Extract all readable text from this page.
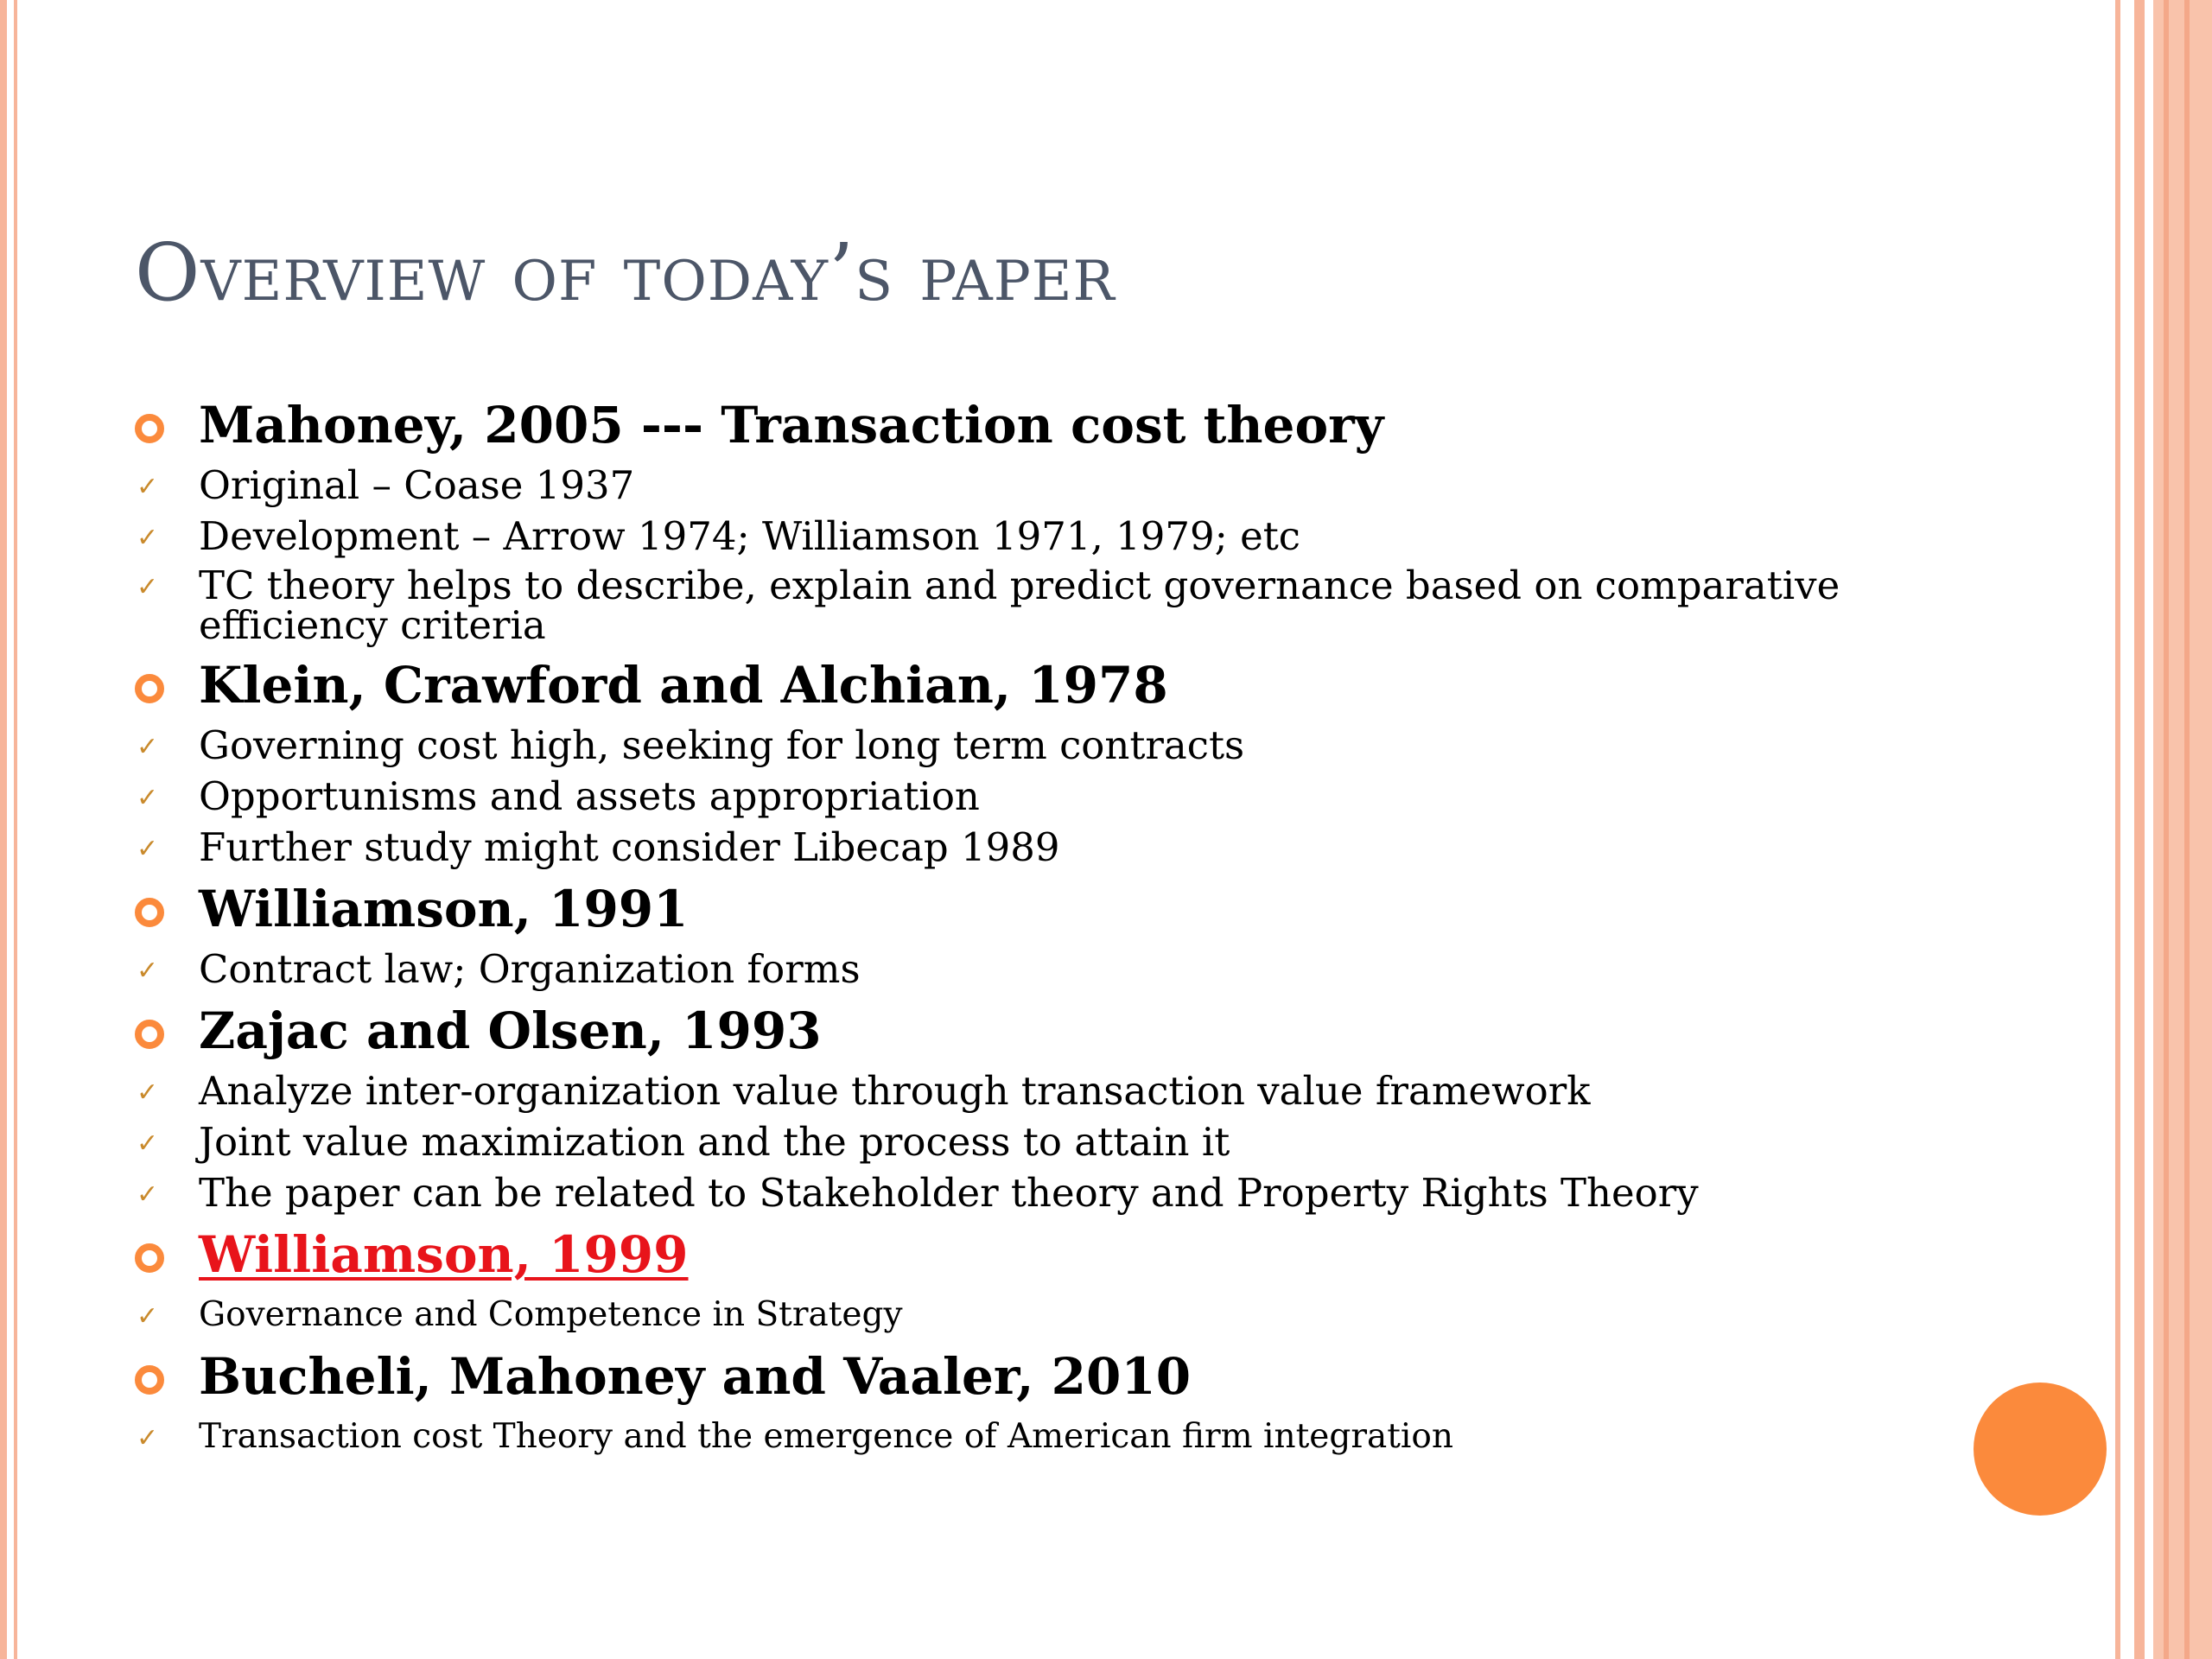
Overview of today’s paper
Mahoney, 2005 --- Transaction cost theory
✓ Original – Coase 1937
✓ Development – Arrow 1974; Williamson 1971, 1979; etc
✓ TC theory helps to describe, explain and predict governance based on comparative efficiency criteria
Klein, Crawford and Alchian, 1978
✓ Governing cost high, seeking for long term contracts
✓ Opportunisms and assets appropriation
✓ Further study might consider Libecap 1989
Williamson, 1991
✓ Contract law; Organization forms
Zajac and Olsen, 1993
✓ Analyze inter-organization value through transaction value framework
✓ Joint value maximization and the process to attain it
✓ The paper can be related to Stakeholder theory and Property Rights Theory
Williamson, 1999
✓ Governance and Competence in Strategy
Bucheli, Mahoney and Vaaler, 2010
✓ Transaction cost Theory and the emergence of American firm integration
